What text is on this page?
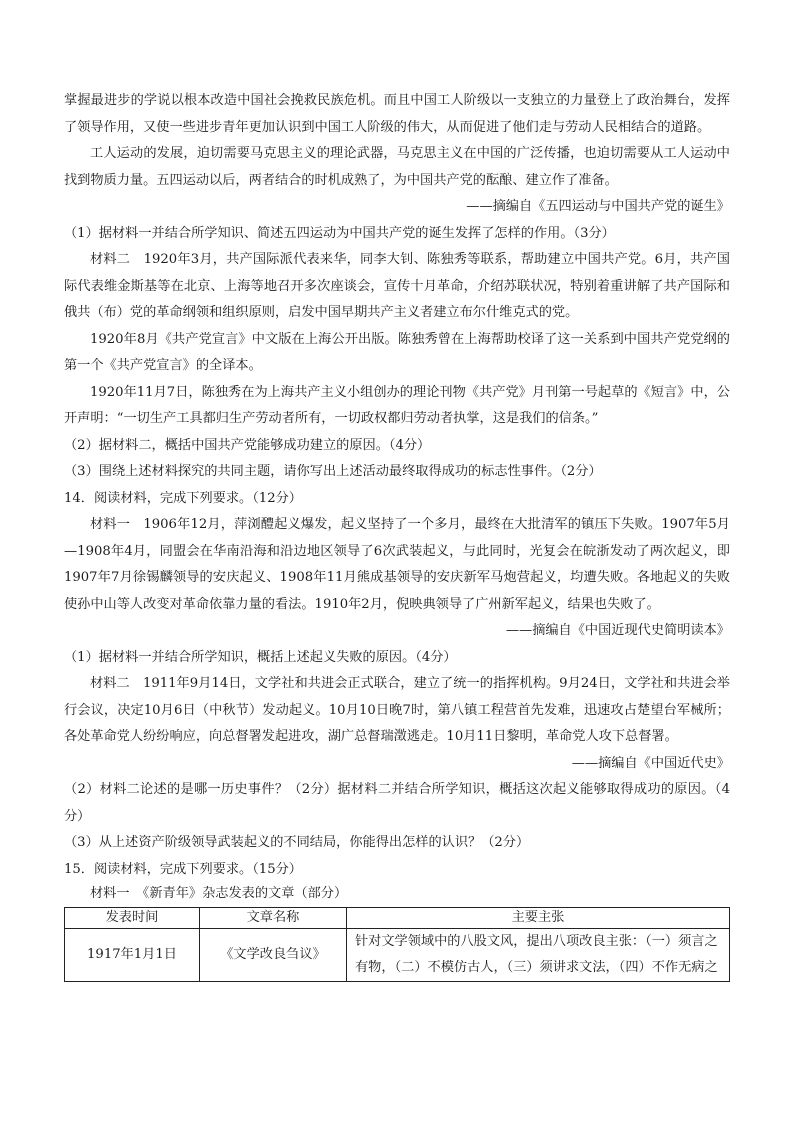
掌握最进步的学说以根本改造中国社会挽救民族危机。而且中国工人阶级以一支独立的力量登上了政治舞台，发挥了领导作用，又使一些进步青年更加认识到中国工人阶级的伟大，从而促进了他们走与劳动人民相结合的道路。

工人运动的发展，迫切需要马克思主义的理论武器，马克思主义在中国的广泛传播，也迫切需要从工人运动中找到物质力量。五四运动以后，两者结合的时机成熟了，为中国共产党的酝酿、建立作了准备。

——摘编自《五四运动与中国共产党的诞生》

（1）据材料一并结合所学知识、简述五四运动为中国共产党的诞生发挥了怎样的作用。（3分）

材料二　1920年3月，共产国际派代表来华，同李大钊、陈独秀等联系，帮助建立中国共产党。6月，共产国际代表维金斯基等在北京、上海等地召开多次座谈会，宣传十月革命，介绍苏联状况，特别着重讲解了共产国际和俄共（布）党的革命纲领和组织原则，启发中国早期共产主义者建立布尔什维克式的党。

1920年8月《共产党宣言》中文版在上海公开出版。陈独秀曾在上海帮助校译了这一关系到中国共产党党纲的第一个《共产党宣言》的全译本。

1920年11月7日，陈独秀在为上海共产主义小组创办的理论刊物《共产党》月刊第一号起草的《短言》中，公开声明：“一切生产工具都归生产劳动者所有，一切政权都归劳动者执掌，这是我们的信条。”

（2）据材料二，概括中国共产党能够成功建立的原因。（4分）

（3）围绕上述材料探究的共同主题，请你写出上述活动最终取得成功的标志性事件。（2分）

14．阅读材料，完成下列要求。（12分）

材料一　1906年12月，萍浏醴起义爆发，起义坚持了一个多月，最终在大批清军的镇压下失败。1907年5月—1908年4月，同盟会在华南沿海和沿边地区领导了6次武装起义，与此同时，光复会在皖浙发动了两次起义，即1907年7月徐锡麟领导的安庆起义、1908年11月熊成基领导的安庆新军马炮营起义，均遭失败。各地起义的失败使孙中山等人改变对革命依靠力量的看法。1910年2月，倪映典领导了广州新军起义，结果也失败了。

——摘编自《中国近现代史简明读本》

（1）据材料一并结合所学知识，概括上述起义失败的原因。（4分）

材料二　1911年9月14日，文学社和共进会正式联合，建立了统一的指挥机构。9月24日，文学社和共进会举行会议，决定10月6日（中秋节）发动起义。10月10日晚7时，第八镇工程营首先发难，迅速攻占楚望台军械所；各处革命党人纷纷响应，向总督署发起进攻，湖广总督瑞澂逃走。10月11日黎明，革命党人攻下总督署。

——摘编自《中国近代史》

（2）材料二论述的是哪一历史事件？（2分）据材料二并结合所学知识，概括这次起义能够取得成功的原因。（4分）

（3）从上述资产阶级领导武装起义的不同结局，你能得出怎样的认识？（2分）

15．阅读材料，完成下列要求。（15分）

材料一　《新青年》杂志发表的文章（部分）

发表时间	文章名称	主要主张
1917年1月1日	《文学改良刍议》	针对文学领域中的八股文风，提出八项改良主张：（一）须言之有物，（二）不模仿古人，（三）须讲求文法，（四）不作无病之
